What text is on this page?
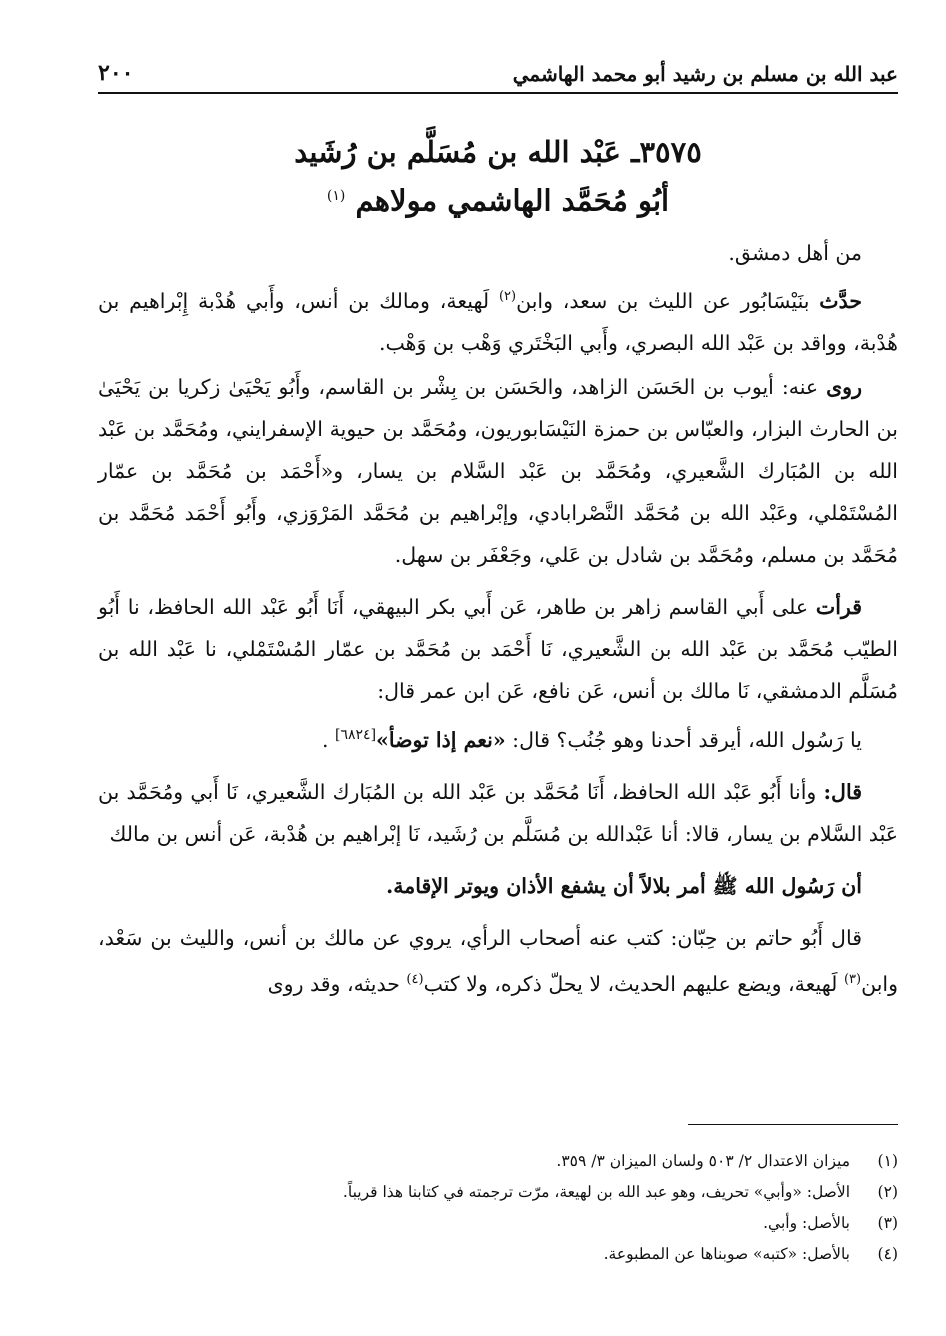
عبد الله بن مسلم بن رشيد أبو محمد الهاشمي
٢٠٠
٣٥٧٥ـ عَبْد الله بن مُسَلَّم بن رُشَيد
أبُو مُحَمَّد الهاشمي مولاهم $^{(١)}$

من أهل دمشق.

حدَّث بنَيْسَابُور عن الليث بن سعد، وابن$^{(٢)}$ لَهيعة، ومالك بن أنس، وأَبي هُدْبة إِبْراهيم بن هُدْبة، وواقد بن عَبْد الله البصري، وأَبي البَخْتَري وَهْب بن وَهْب.

روى عنه: أيوب بن الحَسَن الزاهد، والحَسَن بن بِشْر بن القاسم، وأَبُو يَحْيَىٰ زكريا بن يَحْيَىٰ بن الحارث البزار، والعبّاس بن حمزة النَيْسَابوريون، ومُحَمَّد بن حيوية الإسفرايني، ومُحَمَّد بن عَبْد الله بن المُبَارك الشَّعيري، ومُحَمَّد بن عَبْد السَّلام بن يسار، و«أَحْمَد بن مُحَمَّد بن عمّار المُسْتَمْلي، وعَبْد الله بن مُحَمَّد النَّصْرابادي، وإبْراهيم بن مُحَمَّد المَرْوَزي، وأَبُو أَحْمَد مُحَمَّد بن مُحَمَّد بن مسلم، ومُحَمَّد بن شادل بن عَلي، وجَعْفَر بن سهل.

قرأت على أَبي القاسم زاهر بن طاهر، عَن أَبي بكر البيهقي، أَنَا أَبُو عَبْد الله الحافظ، نا أَبُو الطيّب مُحَمَّد بن عَبْد الله بن الشَّعيري، نَا أَحْمَد بن مُحَمَّد بن عمّار المُسْتَمْلي، نا عَبْد الله بن مُسَلَّم الدمشقي، نَا مالك بن أنس، عَن نافع، عَن ابن عمر قال:

يا رَسُول الله، أيرقد أحدنا وهو جُنُب؟ قال: «نعم إذا توضأ»[٦٨٢٤] .

قال: وأنا أَبُو عَبْد الله الحافظ، أَنَا مُحَمَّد بن عَبْد الله بن المُبَارك الشَّعيري، نَا أَبي ومُحَمَّد بن عَبْد السَّلام بن يسار، قالا: أنا عَبْدالله بن مُسَلَّم بن رُشَيد، نَا إبْراهيم بن هُدْبة، عَن أنس بن مالك

أن رَسُول الله ﷺ أمر بلالاً أن يشفع الأذان ويوتر الإقامة.

قال أَبُو حاتم بن حِبّان: كتب عنه أصحاب الرأي، يروي عن مالك بن أنس، والليث بن سَعْد، وابن$^{(٣)}$ لَهيعة، ويضع عليهم الحديث، لا يحلّ ذكره، ولا كتب$^{(٤)}$ حديثه، وقد روى

(١)
ميزان الاعتدال ٢/ ٥٠٣ ولسان الميزان ٣/ ٣٥٩.
(٢)
الأصل: «وأبي» تحريف، وهو عبد الله بن لهيعة، مرّت ترجمته في كتابنا هذا قريباً.
(٣)
بالأصل: وأبي.
(٤)
بالأصل: «كتبه» صوبناها عن المطبوعة.
